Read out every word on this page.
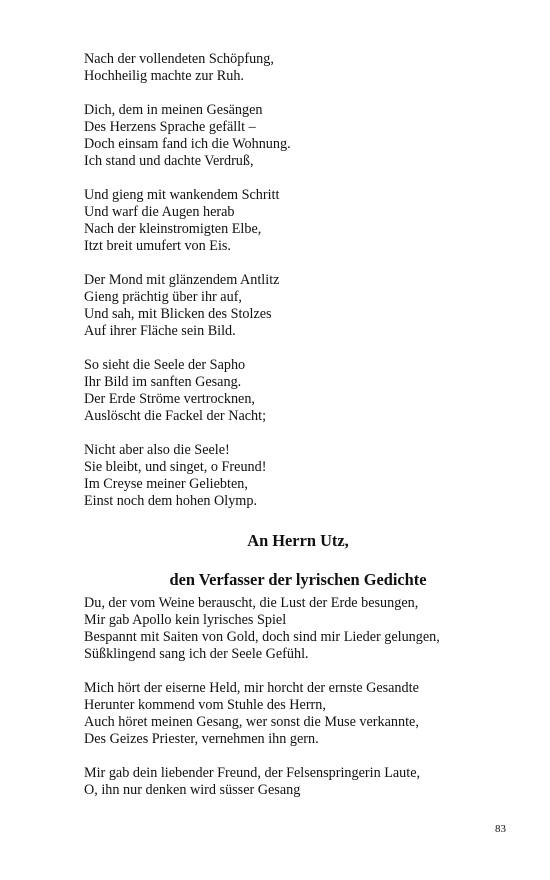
Nach der vollendeten Schöpfung,
Hochheilig machte zur Ruh.
Dich, dem in meinen Gesängen
Des Herzens Sprache gefällt –
Doch einsam fand ich die Wohnung.
Ich stand und dachte Verdruß,
Und gieng mit wankendem Schritt
Und warf die Augen herab
Nach der kleinstromigten Elbe,
Itzt breit umufert von Eis.
Der Mond mit glänzendem Antlitz
Gieng prächtig über ihr auf,
Und sah, mit Blicken des Stolzes
Auf ihrer Fläche sein Bild.
So sieht die Seele der Sapho
Ihr Bild im sanften Gesang.
Der Erde Ströme vertrocknen,
Auslöscht die Fackel der Nacht;
Nicht aber also die Seele!
Sie bleibt, und singet, o Freund!
Im Creyse meiner Geliebten,
Einst noch dem hohen Olymp.
An Herrn Utz,
den Verfasser der lyrischen Gedichte
Du, der vom Weine berauscht, die Lust der Erde besungen,
Mir gab Apollo kein lyrisches Spiel
Bespannt mit Saiten von Gold, doch sind mir Lieder gelungen,
Süßklingend sang ich der Seele Gefühl.
Mich hört der eiserne Held, mir horcht der ernste Gesandte
Herunter kommend vom Stuhle des Herrn,
Auch höret meinen Gesang, wer sonst die Muse verkannte,
Des Geizes Priester, vernehmen ihn gern.
Mir gab dein liebender Freund, der Felsenspringerin Laute,
O, ihn nur denken wird süsser Gesang
83
